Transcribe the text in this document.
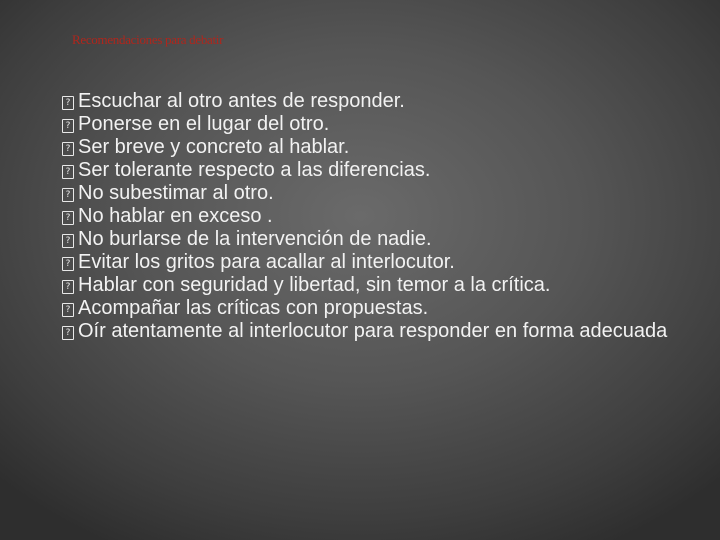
Recomendaciones para debatir
? Escuchar al otro antes de responder.
? Ponerse en el lugar del otro.
? Ser breve y concreto al hablar.
? Ser tolerante respecto a las diferencias.
? No subestimar al otro.
? No hablar en exceso .
? No burlarse de la intervención de nadie.
? Evitar los gritos para acallar al interlocutor.
? Hablar con seguridad y libertad, sin temor a la crítica.
? Acompañar las críticas con propuestas.
? Oír atentamente al interlocutor para responder en forma adecuada
